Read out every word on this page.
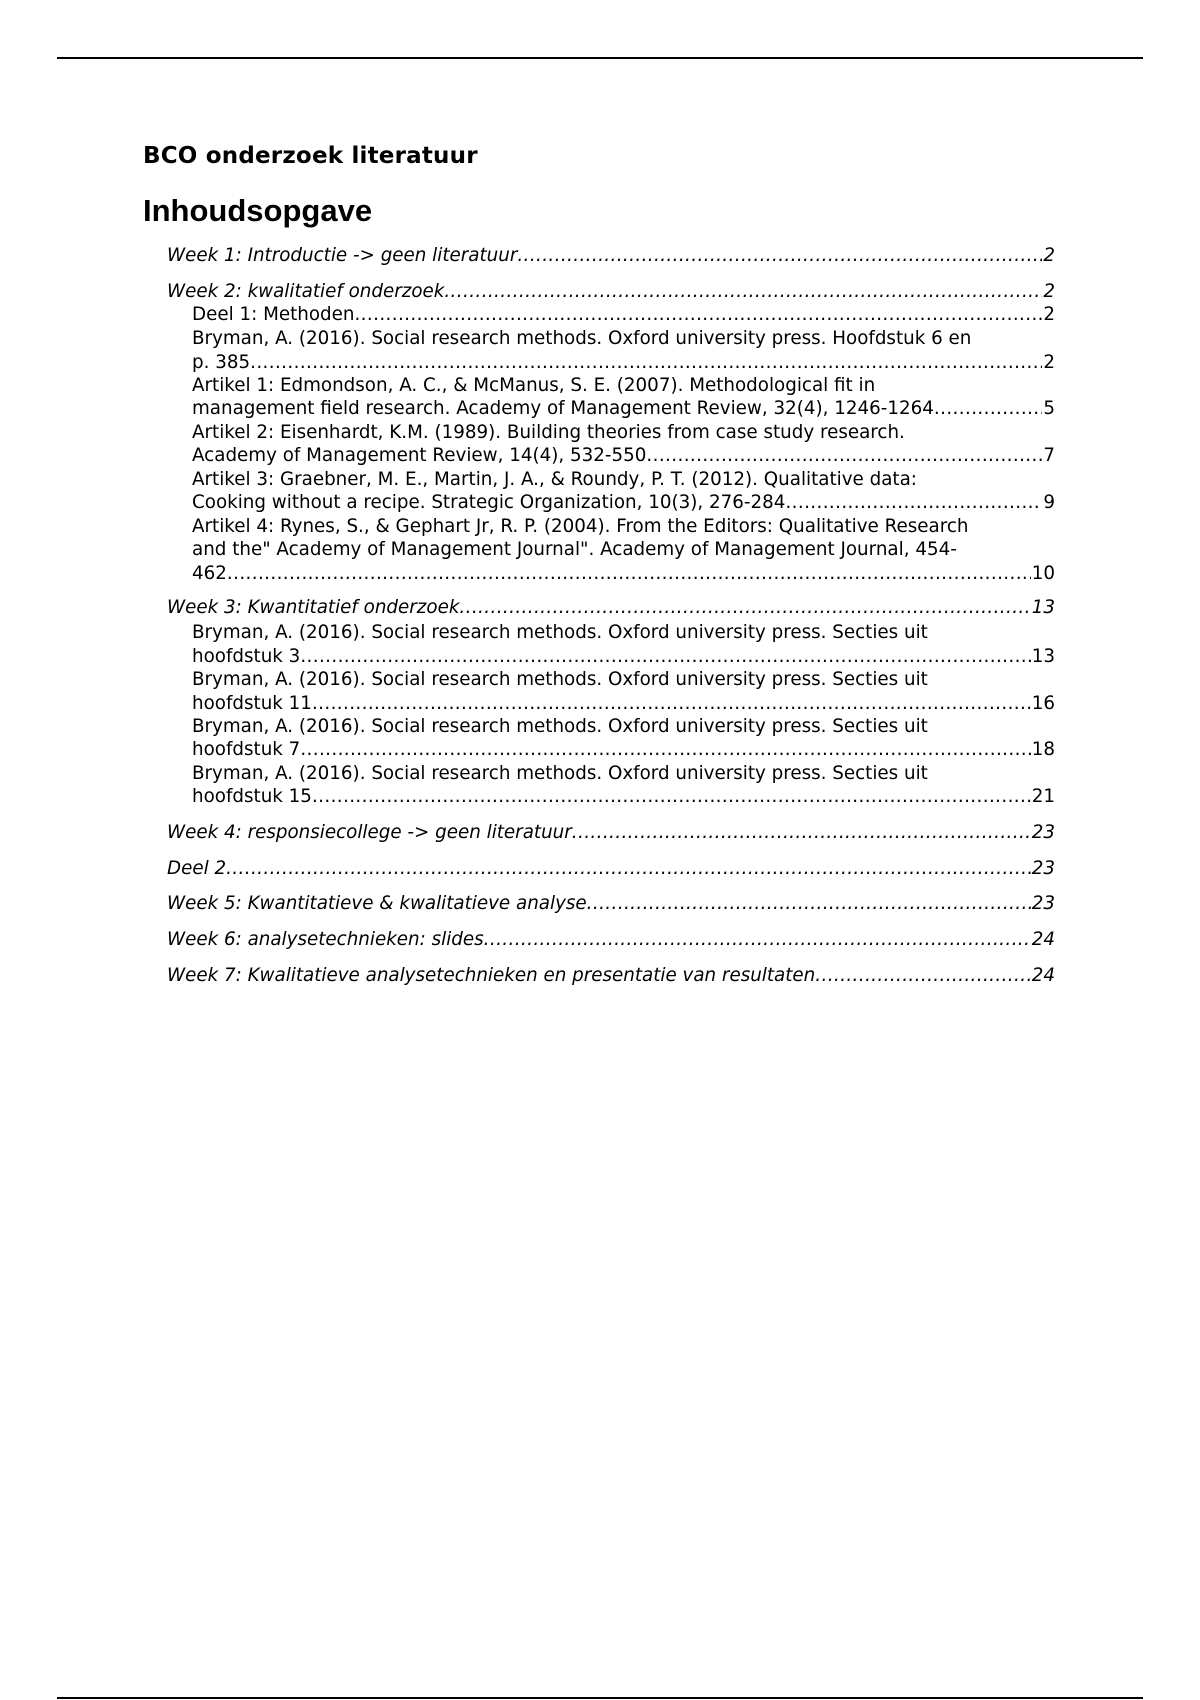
BCO onderzoek literatuur
Inhoudsopgave
Week 1: Introductie -> geen literatuur .....	2
Week 2: kwalitatief onderzoek .....	2
Deel 1: Methoden .....	2
Bryman, A. (2016). Social research methods. Oxford university press. Hoofdstuk 6 en
p. 385 .....	2
Artikel 1: Edmondson, A. C., & McManus, S. E. (2007). Methodological fit in
management field research. Academy of Management Review, 32(4), 1246-1264 .....	5
Artikel 2: Eisenhardt, K.M. (1989). Building theories from case study research.
Academy of Management Review, 14(4), 532-550 .....	7
Artikel 3: Graebner, M. E., Martin, J. A., & Roundy, P. T. (2012). Qualitative data:
Cooking without a recipe. Strategic Organization, 10(3), 276-284 .....	9
Artikel 4: Rynes, S., & Gephart Jr, R. P. (2004). From the Editors: Qualitative Research
and the" Academy of Management Journal". Academy of Management Journal, 454-
462 .....	10
Week 3: Kwantitatief onderzoek .....	13
Bryman, A. (2016). Social research methods. Oxford university press. Secties uit
hoofdstuk 3 .....	13
Bryman, A. (2016). Social research methods. Oxford university press. Secties uit
hoofdstuk 11 .....	16
Bryman, A. (2016). Social research methods. Oxford university press. Secties uit
hoofdstuk 7 .....	18
Bryman, A. (2016). Social research methods. Oxford university press. Secties uit
hoofdstuk 15 .....	21
Week 4: responsiecollege -> geen literatuur .....	23
Deel 2 .....	23
Week 5: Kwantitatieve & kwalitatieve analyse .....	23
Week 6: analysetechnieken: slides .....	24
Week 7: Kwalitatieve analysetechnieken en presentatie van resultaten .....	24
